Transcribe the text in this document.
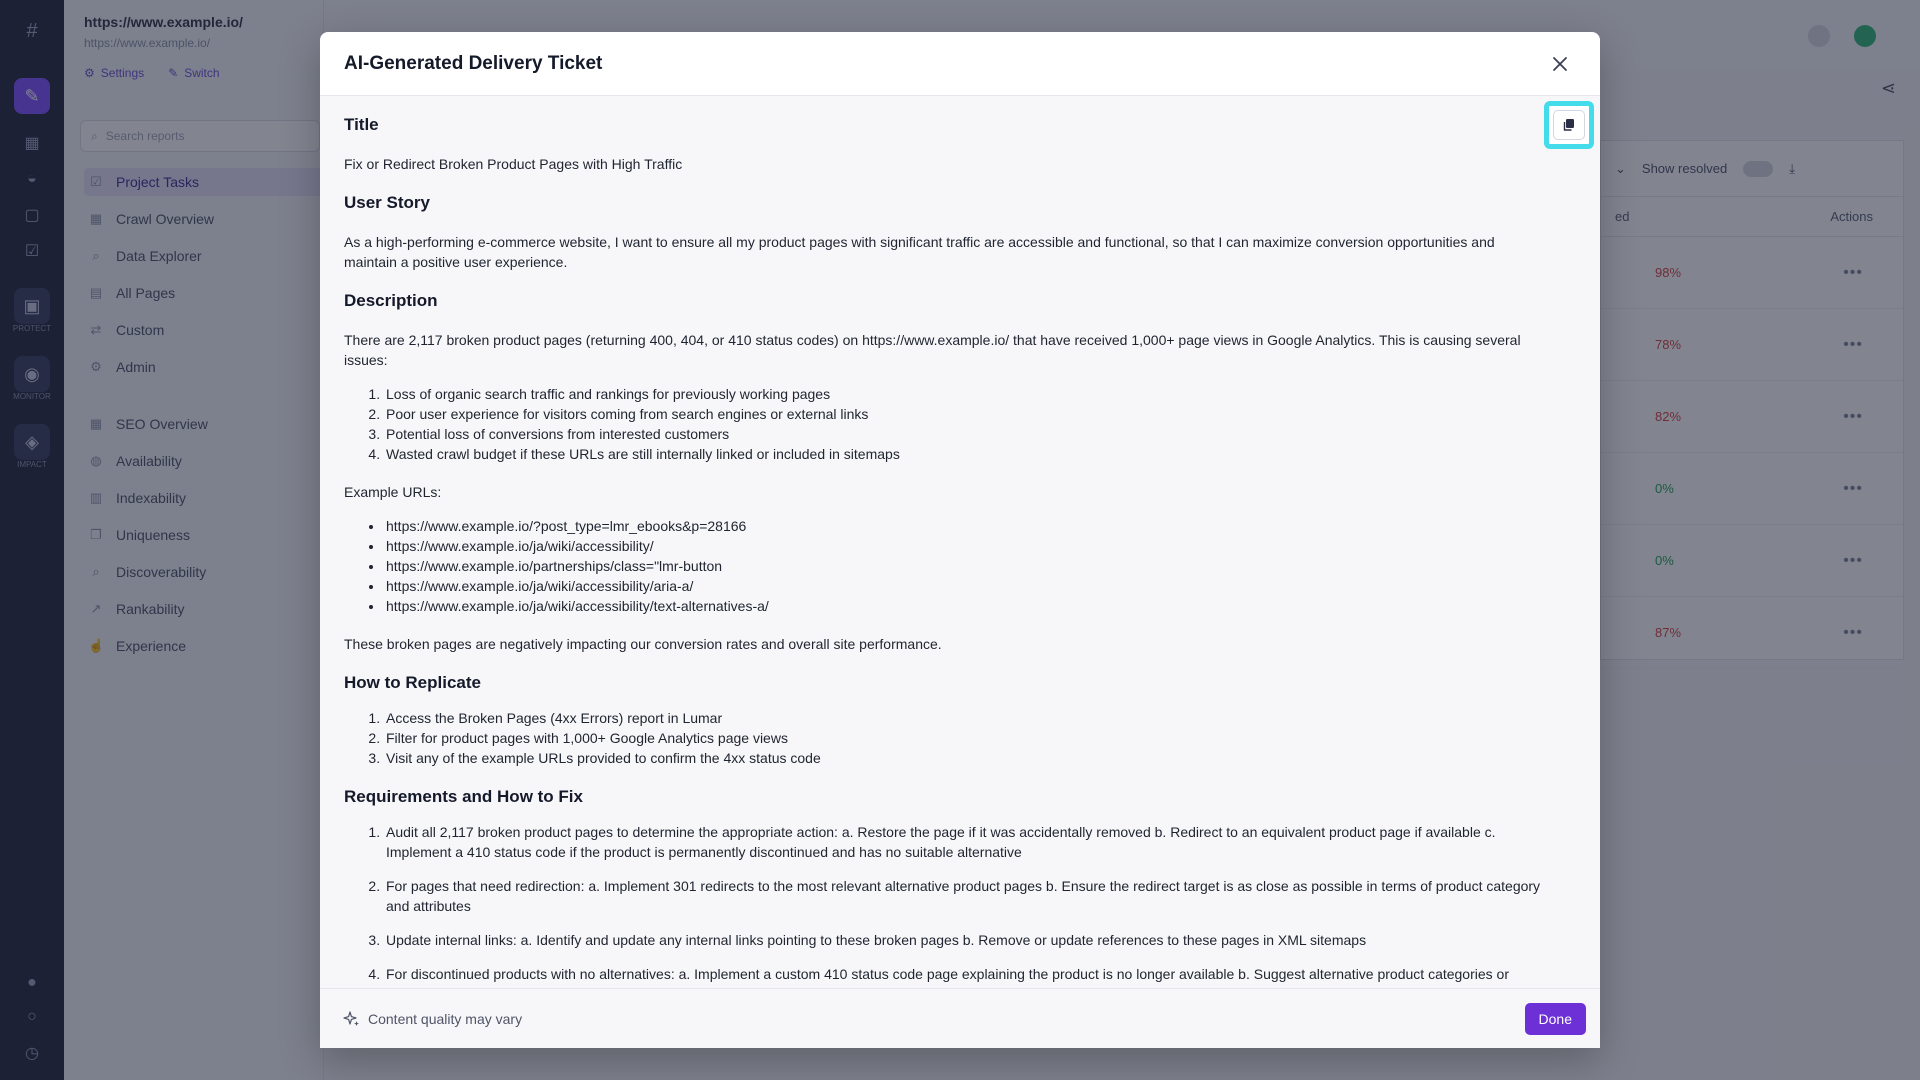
AI-Generated Delivery Ticket
Title
Fix or Redirect Broken Product Pages with High Traffic
User Story
As a high-performing e-commerce website, I want to ensure all my product pages with significant traffic are accessible and functional, so that I can maximize conversion opportunities and maintain a positive user experience.
Description
There are 2,117 broken product pages (returning 400, 404, or 410 status codes) on https://www.example.io/ that have received 1,000+ page views in Google Analytics. This is causing several issues:
1. Loss of organic search traffic and rankings for previously working pages
2. Poor user experience for visitors coming from search engines or external links
3. Potential loss of conversions from interested customers
4. Wasted crawl budget if these URLs are still internally linked or included in sitemaps
Example URLs:
• https://www.example.io/?post_type=lmr_ebooks&p=28166
• https://www.example.io/ja/wiki/accessibility/
• https://www.example.io/partnerships/class="lmr-button
• https://www.example.io/ja/wiki/accessibility/aria-a/
• https://www.example.io/ja/wiki/accessibility/text-alternatives-a/
These broken pages are negatively impacting our conversion rates and overall site performance.
How to Replicate
1. Access the Broken Pages (4xx Errors) report in Lumar
2. Filter for product pages with 1,000+ Google Analytics page views
3. Visit any of the example URLs provided to confirm the 4xx status code
Requirements and How to Fix
1. Audit all 2,117 broken product pages to determine the appropriate action: a. Restore the page if it was accidentally removed b. Redirect to an equivalent product page if available c. Implement a 410 status code if the product is permanently discontinued and has no suitable alternative
2. For pages that need redirection: a. Implement 301 redirects to the most relevant alternative product pages b. Ensure the redirect target is as close as possible in terms of product category and attributes
3. Update internal links: a. Identify and update any internal links pointing to these broken pages b. Remove or update references to these pages in XML sitemaps
4. For discontinued products with no alternatives: a. Implement a custom 410 status code page explaining the product is no longer available b. Suggest alternative product categories or
Content quality may vary	Done
